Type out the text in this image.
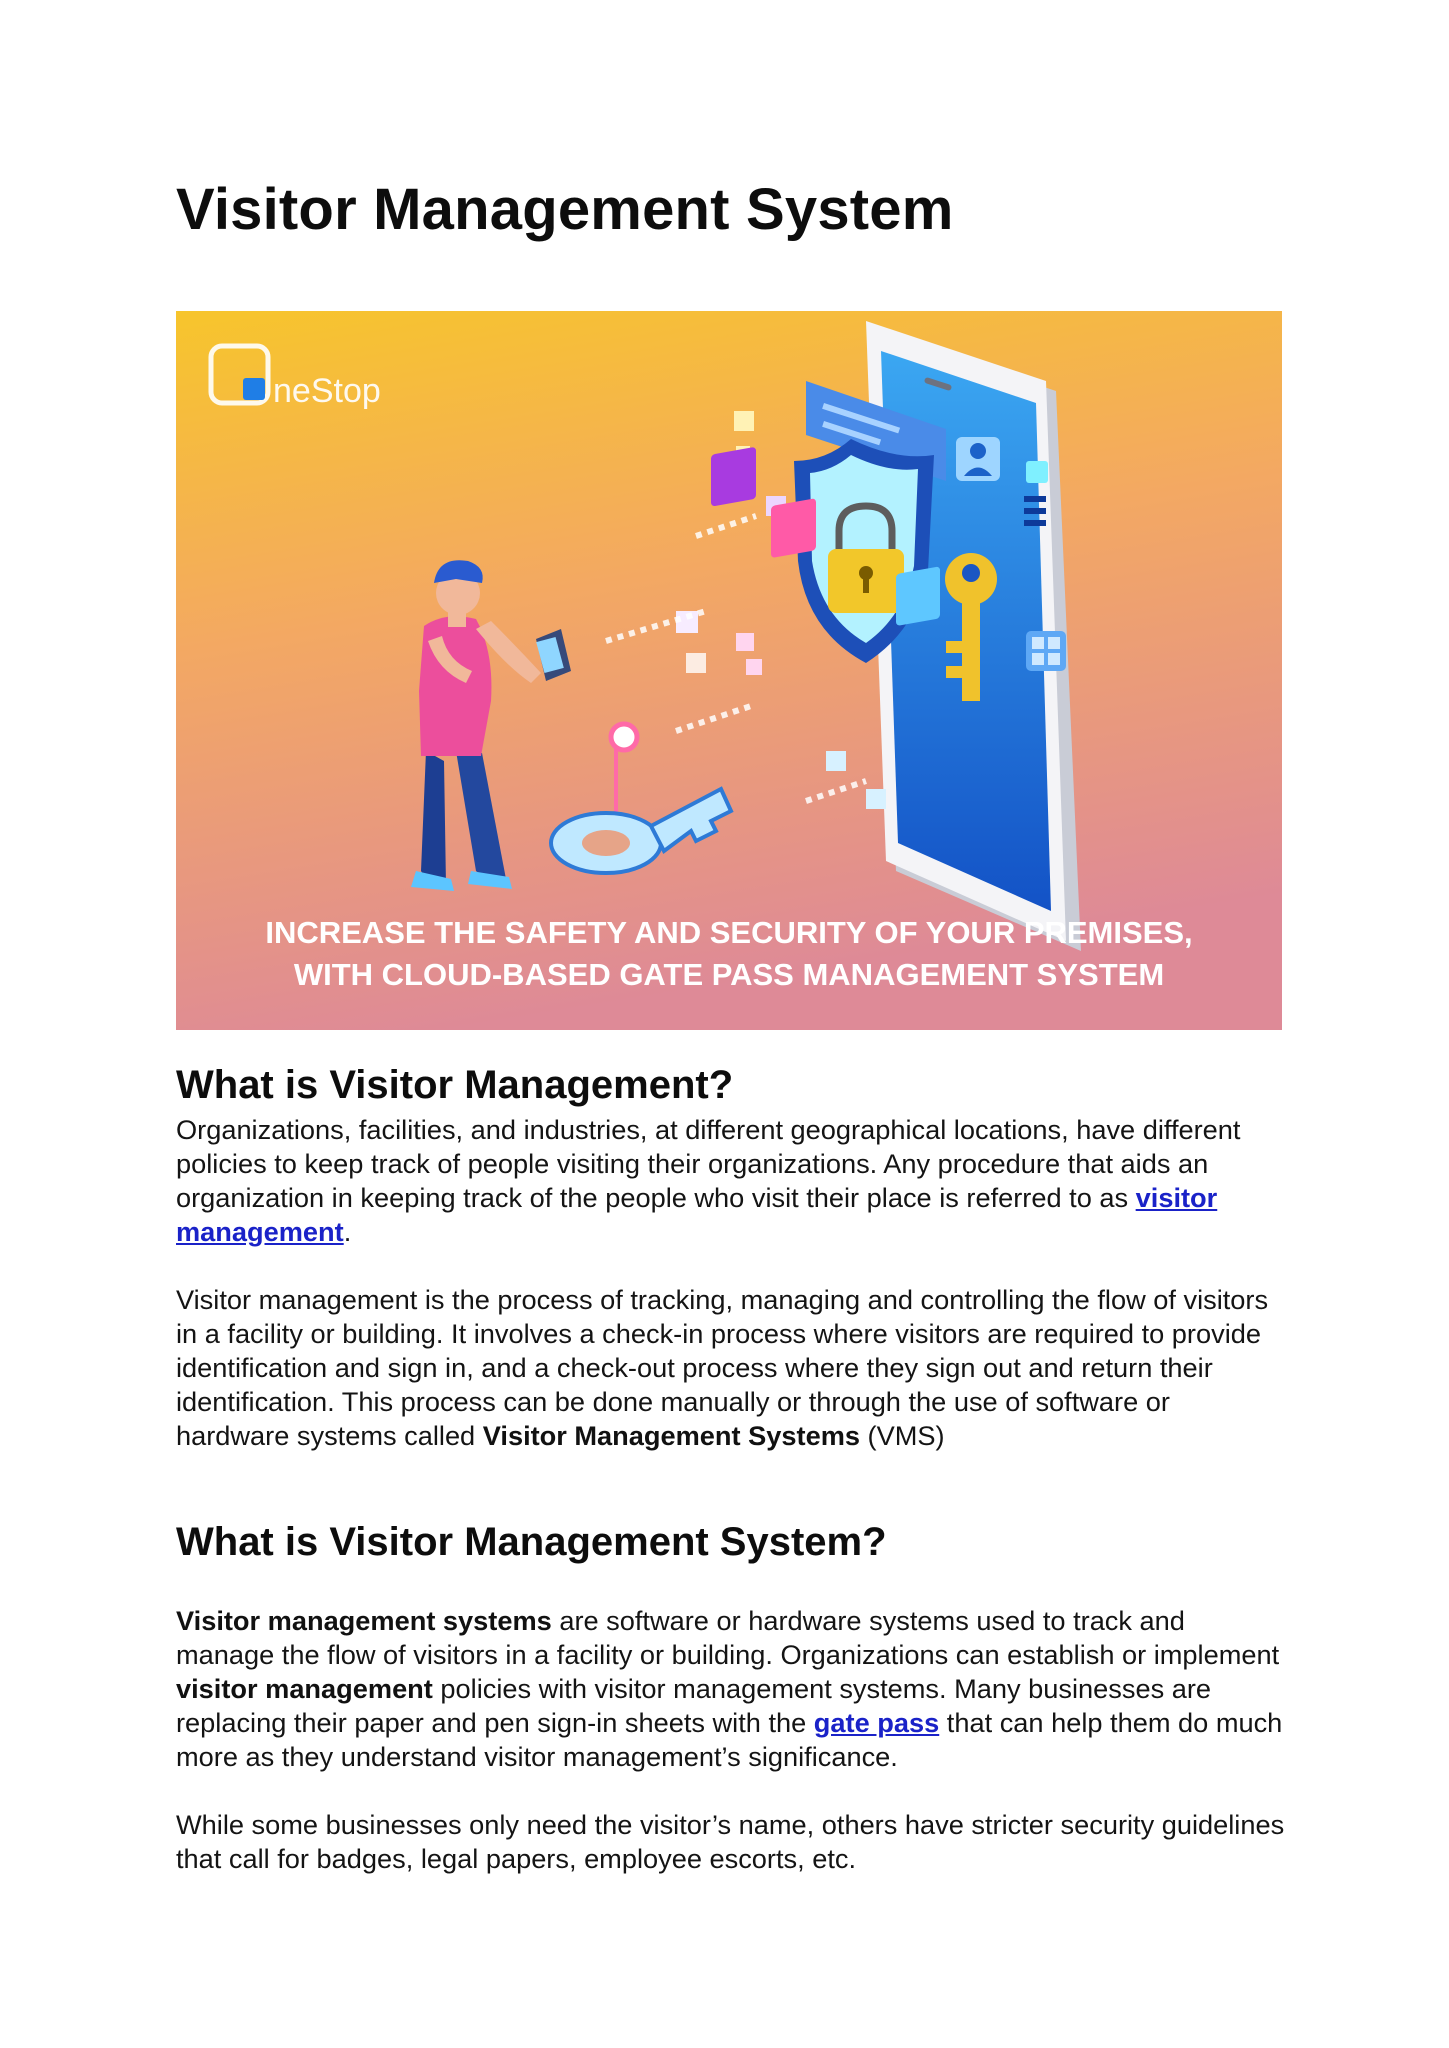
Visitor Management System
neStop
INCREASE THE SAFETY AND SECURITY OF YOUR PREMISES,
WITH CLOUD-BASED GATE PASS MANAGEMENT SYSTEM
What is Visitor Management?

Organizations, facilities, and industries, at different geographical locations, have different policies to keep track of people visiting their organizations. Any procedure that aids an organization in keeping track of the people who visit their place is referred to as visitor management.

Visitor management is the process of tracking, managing and controlling the flow of visitors in a facility or building. It involves a check-in process where visitors are required to provide identification and sign in, and a check-out process where they sign out and return their identification. This process can be done manually or through the use of software or hardware systems called Visitor Management Systems (VMS)

What is Visitor Management System?

Visitor management systems are software or hardware systems used to track and manage the flow of visitors in a facility or building. Organizations can establish or implement visitor management policies with visitor management systems. Many businesses are replacing their paper and pen sign-in sheets with the gate pass that can help them do much more as they understand visitor management’s significance.

While some businesses only need the visitor’s name, others have stricter security guidelines that call for badges, legal papers, employee escorts, etc.
